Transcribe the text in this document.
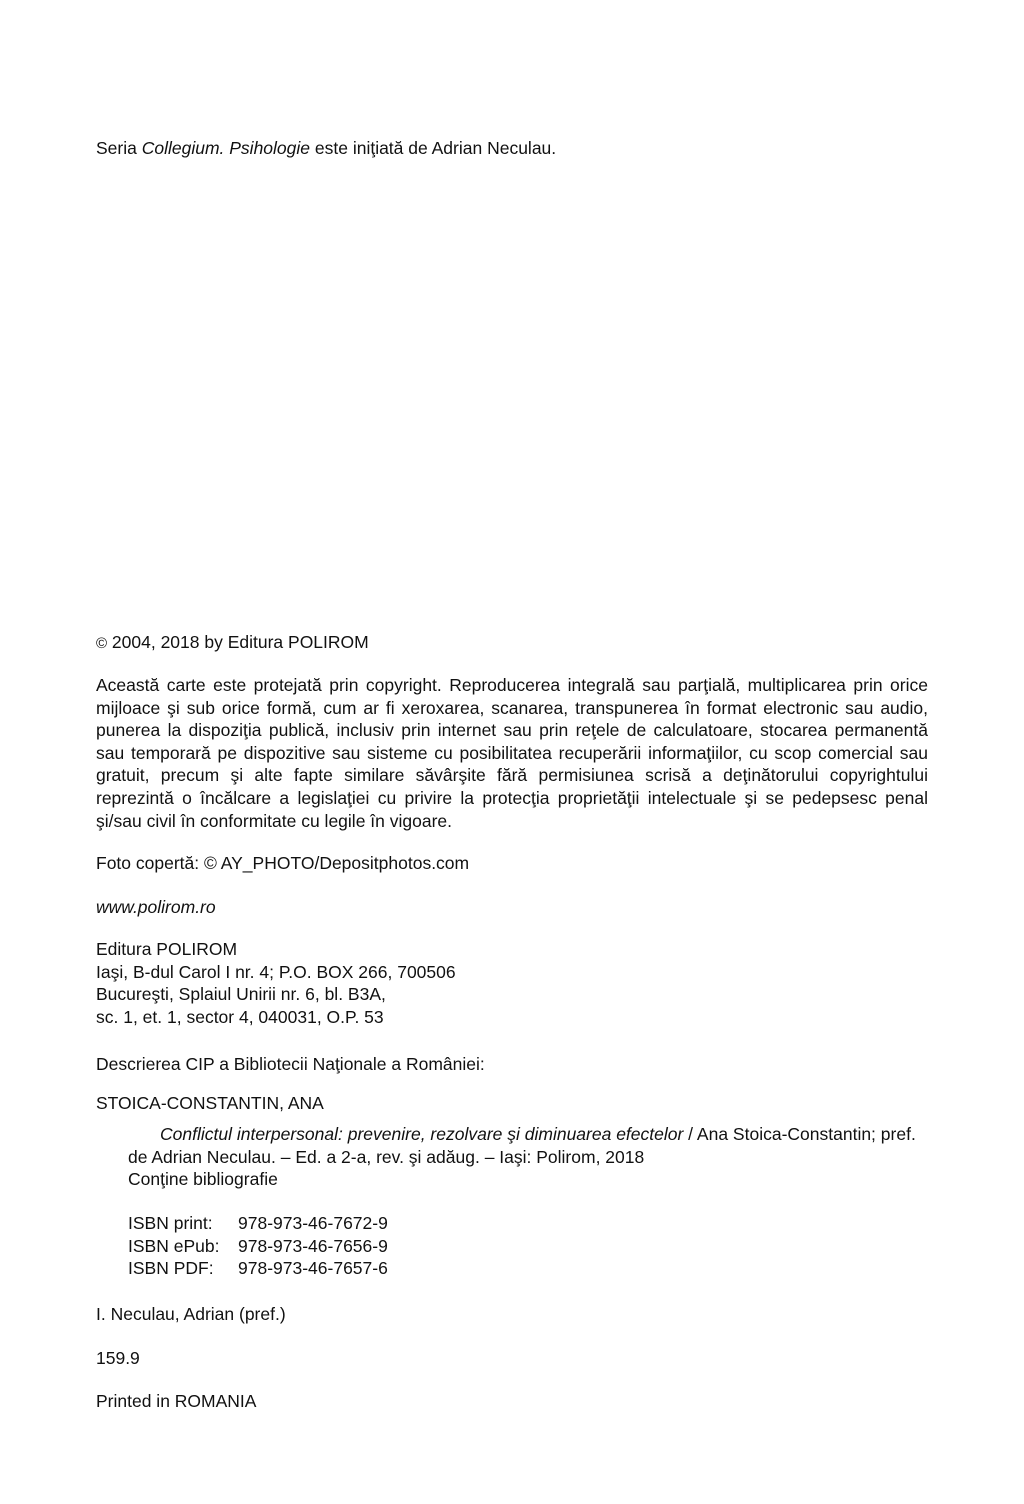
Seria Collegium. Psihologie este iniţiată de Adrian Neculau.

© 2004, 2018 by Editura POLIROM

Această carte este protejată prin copyright. Reproducerea integrală sau parţială, multiplicarea prin orice mijloace şi sub orice formă, cum ar fi xeroxarea, scanarea, transpunerea în format electronic sau audio, punerea la dispoziţia publică, inclusiv prin internet sau prin reţele de calculatoare, stocarea permanentă sau temporară pe dispozitive sau sisteme cu posibilitatea recuperării informaţiilor, cu scop comercial sau gratuit, precum şi alte fapte similare săvârşite fără permisiunea scrisă a deţinătorului copyrightului reprezintă o încălcare a legislaţiei cu privire la protecţia proprietăţii intelectuale şi se pedepsesc penal şi/sau civil în conformitate cu legile în vigoare.

Foto copertă: © AY_PHOTO/Depositphotos.com

www.polirom.ro

Editura POLIROM
Iaşi, B-dul Carol I nr. 4; P.O. BOX 266, 700506
Bucureşti, Splaiul Unirii nr. 6, bl. B3A,
sc. 1, et. 1, sector 4, 040031, O.P. 53

Descrierea CIP a Bibliotecii Naţionale a României:

STOICA-CONSTANTIN, ANA

Conflictul interpersonal: prevenire, rezolvare şi diminuarea efectelor / Ana Stoica-Constantin; pref. de Adrian Neculau. – Ed. a 2-a, rev. şi adăug. – Iaşi: Polirom, 2018

Conţine bibliografie

ISBN print: 978-973-46-7672-9
ISBN ePub: 978-973-46-7656-9
ISBN PDF: 978-973-46-7657-6

I. Neculau, Adrian (pref.)

159.9

Printed in ROMANIA
